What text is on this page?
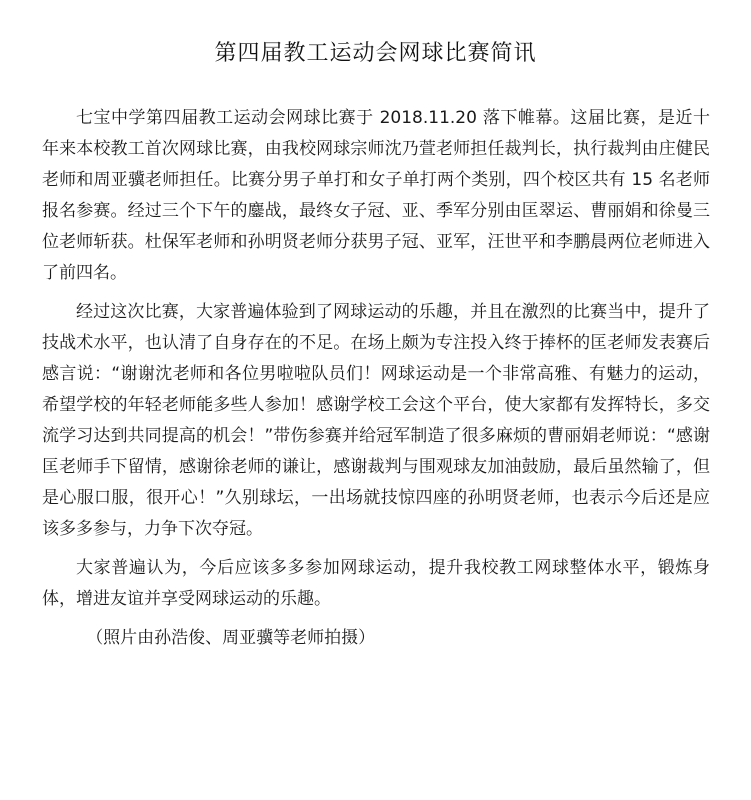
第四届教工运动会网球比赛简讯

七宝中学第四届教工运动会网球比赛于 2018.11.20 落下帷幕。这届比赛，是近十年来本校教工首次网球比赛，由我校网球宗师沈乃萱老师担任裁判长，执行裁判由庄健民老师和周亚骥老师担任。比赛分男子单打和女子单打两个类别，四个校区共有 15 名老师报名参赛。经过三个下午的鏖战，最终女子冠、亚、季军分别由匡翠运、曹丽娟和徐曼三位老师斩获。杜保军老师和孙明贤老师分获男子冠、亚军，汪世平和李鹏晨两位老师进入了前四名。

经过这次比赛，大家普遍体验到了网球运动的乐趣，并且在激烈的比赛当中，提升了技战术水平，也认清了自身存在的不足。在场上颇为专注投入终于捧杯的匡老师发表赛后感言说：“谢谢沈老师和各位男啦啦队员们！网球运动是一个非常高雅、有魅力的运动，希望学校的年轻老师能多些人参加！感谢学校工会这个平台，使大家都有发挥特长，多交流学习达到共同提高的机会！”带伤参赛并给冠军制造了很多麻烦的曹丽娟老师说：“感谢匡老师手下留情，感谢徐老师的谦让，感谢裁判与围观球友加油鼓励，最后虽然输了，但是心服口服，很开心！”久别球坛，一出场就技惊四座的孙明贤老师，也表示今后还是应该多多参与，力争下次夺冠。

大家普遍认为，今后应该多多参加网球运动，提升我校教工网球整体水平，锻炼身体，增进友谊并享受网球运动的乐趣。

（照片由孙浩俊、周亚骥等老师拍摄）
